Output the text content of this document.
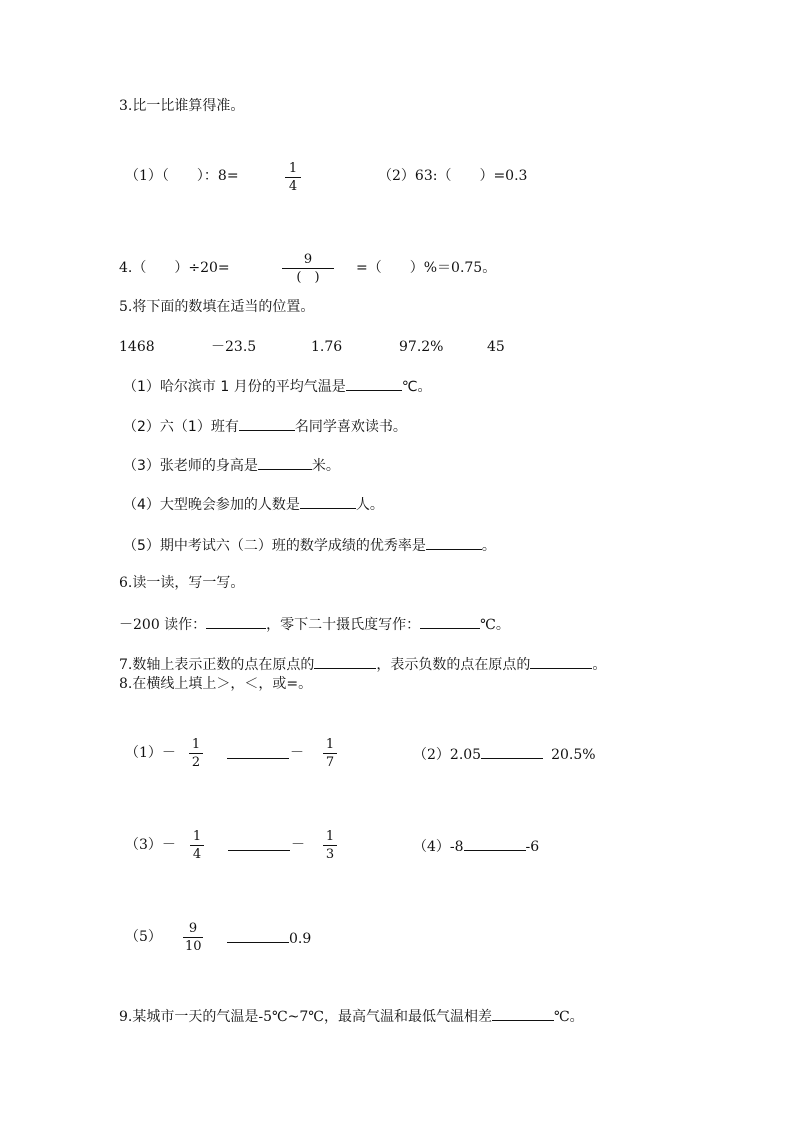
3.比一比谁算得准。
（1）（　　）：8=	1
4
（2）63:（　　）=0.3
4.（　　）÷20=
9
(　)
=（　　）%＝0.75。
5.将下面的数填在适当的位置。
1468	－23.5	1.76	97.2%	45
（1）哈尔滨市 1 月份的平均气温是	℃。
（2）六（1）班有	名同学喜欢读书。
（3）张老师的身高是	米。
（4）大型晚会参加的人数是	人。
（5）期中考试六（二）班的数学成绩的优秀率是	。
6.读一读，写一写。
－200 读作：	，零下二十摄氏度写作：	℃。
7.数轴上表示正数的点在原点的	，表示负数的点在原点的	。
8.在横线上填上＞，＜，或=。
（1）－
1
2
－
1
7	（2）2.05	20.5%
（3）－
1
4
－
1
3	（4）-8	-6
（5）
9
10	0.9
9.某城市一天的气温是-5℃~7℃，最高气温和最低气温相差	℃。
